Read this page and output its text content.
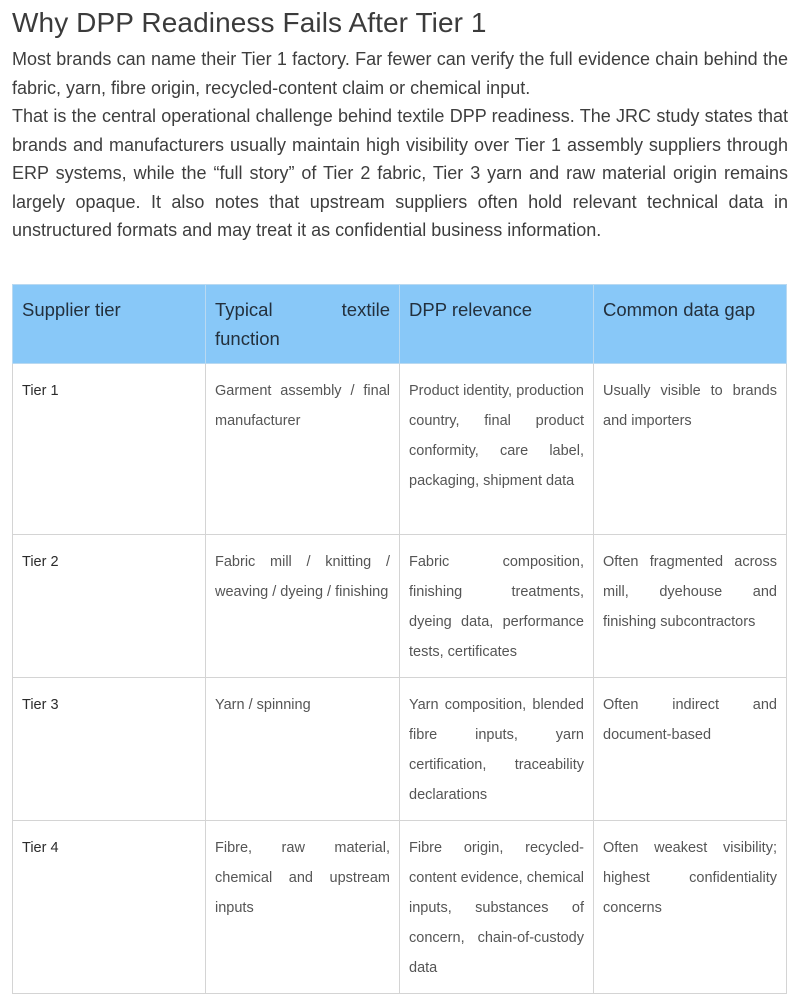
Why DPP Readiness Fails After Tier 1

Most brands can name their Tier 1 factory. Far fewer can verify the full evidence chain behind the fabric, yarn, fibre origin, recycled-content claim or chemical input.

That is the central operational challenge behind textile DPP readiness. The JRC study states that brands and manufacturers usually maintain high visibility over Tier 1 assembly suppliers through ERP systems, while the “full story” of Tier 2 fabric, Tier 3 yarn and raw material origin remains largely opaque. It also notes that upstream suppliers often hold relevant technical data in unstructured formats and may treat it as confidential business information.

Supplier tier	Typical textile function	DPP relevance	Common data gap
Tier 1	Garment assembly / final manufacturer	Product identity, production country, final product conformity, care label, packaging, shipment data	Usually visible to brands and importers
Tier 2	Fabric mill / knitting / weaving / dyeing / finishing	Fabric composition, finishing treatments, dyeing data, performance tests, certificates	Often fragmented across mill, dyehouse and finishing subcontractors
Tier 3	Yarn / spinning	Yarn composition, blended fibre inputs, yarn certification, traceability declarations	Often indirect and document-based
Tier 4	Fibre, raw material, chemical and upstream inputs	Fibre origin, recycled-content evidence, chemical inputs, substances of concern, chain-of-custody data	Often weakest visibility; highest confidentiality concerns
